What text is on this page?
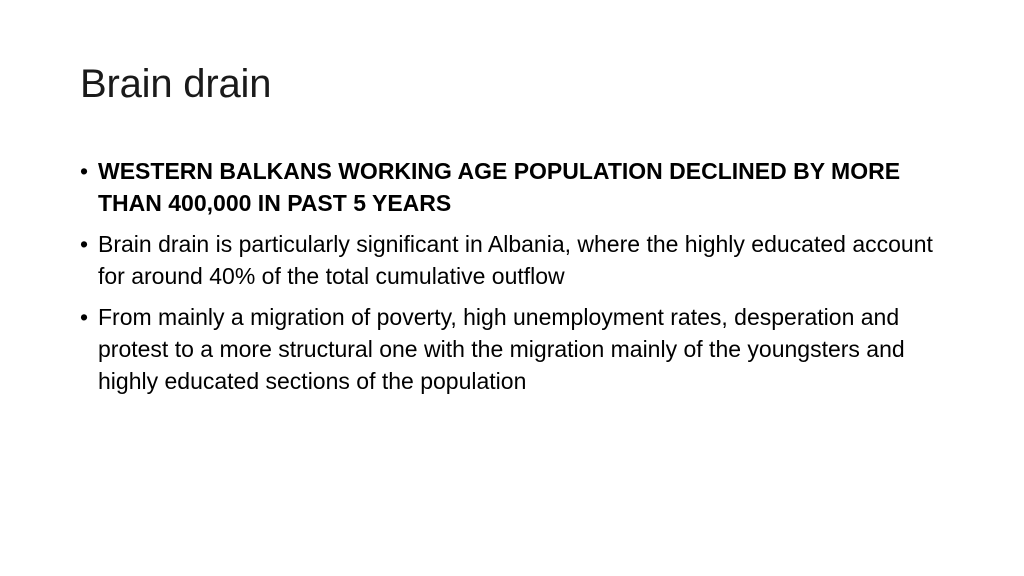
Brain drain
• WESTERN BALKANS WORKING AGE POPULATION DECLINED BY MORE THAN 400,000 IN PAST 5 YEARS
• Brain drain is particularly significant in Albania, where the highly educated account for around 40% of the total cumulative outflow
• From mainly a migration of poverty, high unemployment rates, desperation and protest to a more structural one with the migration mainly of the youngsters and highly educated sections of the population
